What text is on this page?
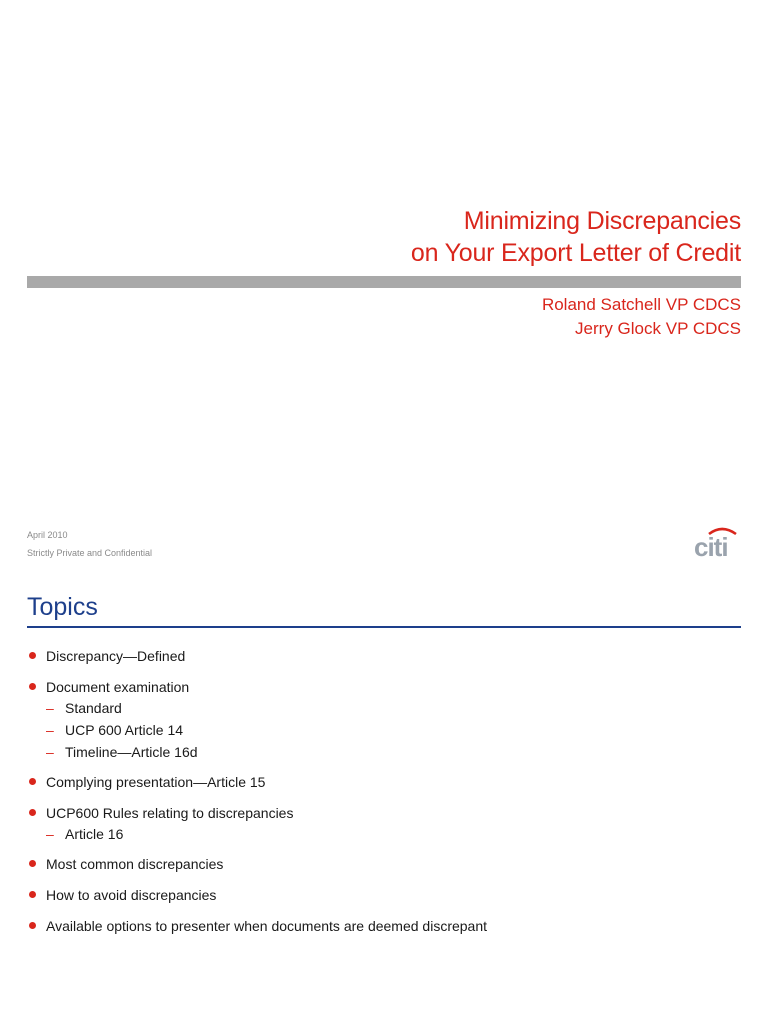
Minimizing Discrepancies
on Your Export Letter of Credit
Roland Satchell VP CDCS
Jerry Glock VP CDCS
April 2010
Strictly Private and Confidential	citi
Topics
Discrepancy—Defined
Document examination
– Standard
– UCP 600 Article 14
– Timeline—Article 16d
Complying presentation—Article 15
UCP600 Rules relating to discrepancies
– Article 16
Most common discrepancies
How to avoid discrepancies
Available options to presenter when documents are deemed discrepant
